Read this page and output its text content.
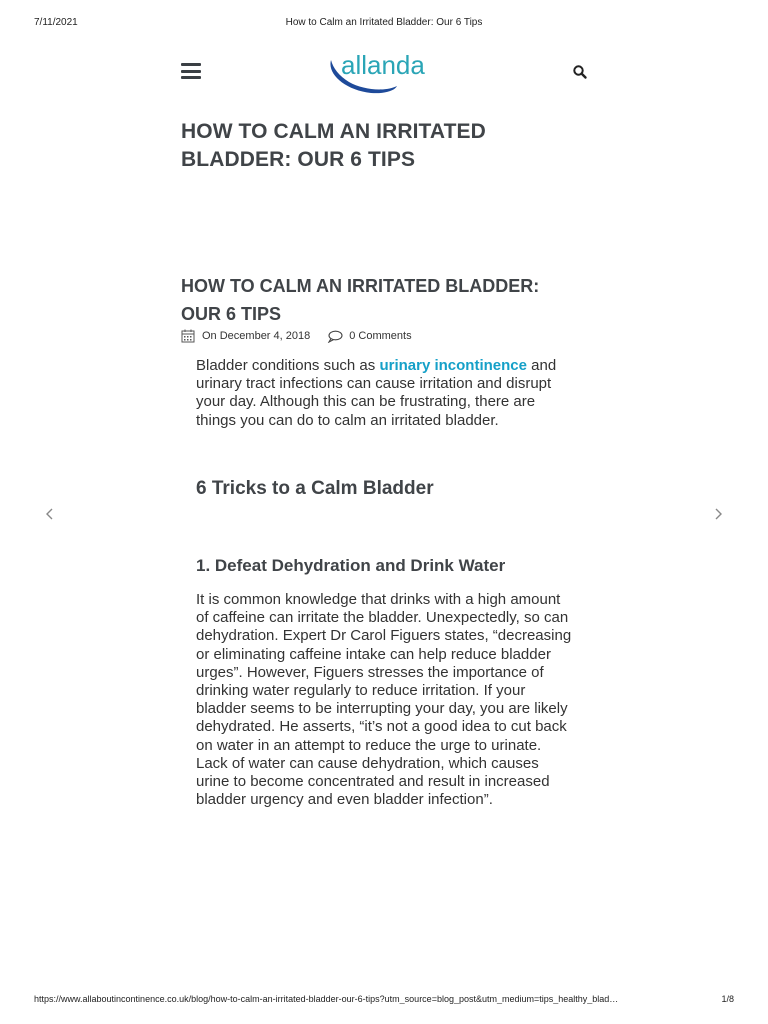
7/11/2021	How to Calm an Irritated Bladder: Our 6 Tips
allanda
HOW TO CALM AN IRRITATED BLADDER: OUR 6 TIPS
HOW TO CALM AN IRRITATED BLADDER: OUR 6 TIPS
On December 4, 2018	0 Comments

Bladder conditions such as urinary incontinence and urinary tract infections can cause irritation and disrupt your day. Although this can be frustrating, there are things you can do to calm an irritated bladder.

6 Tricks to a Calm Bladder
1. Defeat Dehydration and Drink Water

It is common knowledge that drinks with a high amount of caffeine can irritate the bladder. Unexpectedly, so can dehydration. Expert Dr Carol Figuers states, “decreasing or eliminating caffeine intake can help reduce bladder urges”. However, Figuers stresses the importance of drinking water regularly to reduce irritation. If your bladder seems to be interrupting your day, you are likely dehydrated. He asserts, “it’s not a good idea to cut back on water in an attempt to reduce the urge to urinate. Lack of water can cause dehydration, which causes urine to become concentrated and result in increased bladder urgency and even bladder infection”.

https://www.allaboutincontinence.co.uk/blog/how-to-calm-an-irritated-bladder-our-6-tips?utm_source=blog_post&utm_medium=tips_healthy_blad…	1/8
